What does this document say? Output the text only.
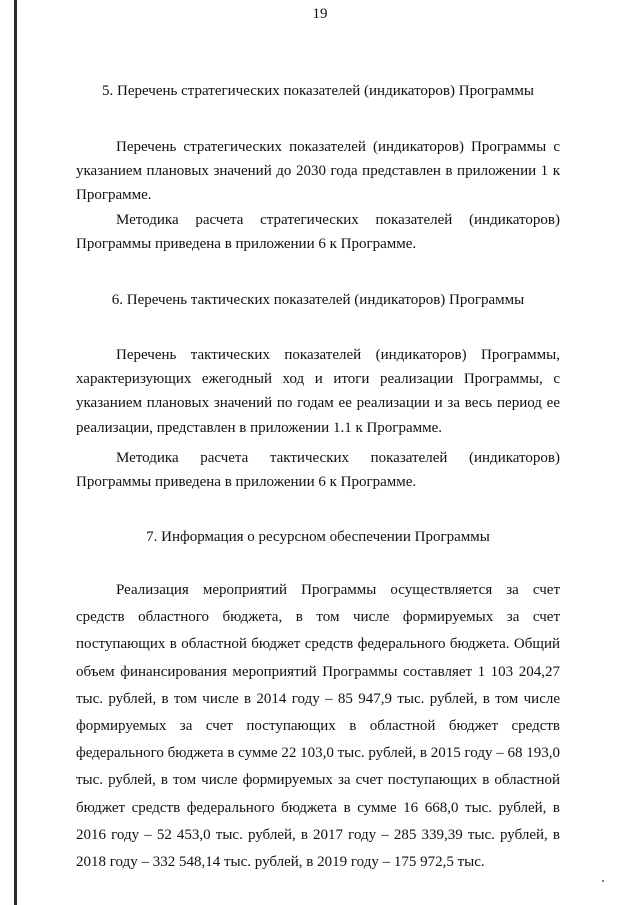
19
5. Перечень стратегических показателей (индикаторов) Программы

Перечень стратегических показателей (индикаторов) Программы с указанием плановых значений до 2030 года представлен в приложении 1 к Программе.

Методика расчета стратегических показателей (индикаторов) Программы приведена в приложении 6 к Программе.

6. Перечень тактических показателей (индикаторов) Программы

Перечень тактических показателей (индикаторов) Программы, характеризующих ежегодный ход и итоги реализации Программы, с указанием плановых значений по годам ее реализации и за весь период ее реализации, представлен в приложении 1.1 к Программе.

Методика расчета тактических показателей (индикаторов) Программы приведена в приложении 6 к Программе.

7. Информация о ресурсном обеспечении Программы

Реализация мероприятий Программы осуществляется за счет средств областного бюджета, в том числе формируемых за счет поступающих в областной бюджет средств федерального бюджета. Общий объем финансирования мероприятий Программы составляет 1 103 204,27 тыс. рублей, в том числе в 2014 году – 85 947,9 тыс. рублей, в том числе формируемых за счет поступающих в областной бюджет средств федерального бюджета в сумме 22 103,0 тыс. рублей, в 2015 году – 68 193,0 тыс. рублей, в том числе формируемых за счет поступающих в областной бюджет средств федерального бюджета в сумме 16 668,0 тыс. рублей, в 2016 году – 52 453,0 тыс. рублей, в 2017 году – 285 339,39 тыс. рублей, в 2018 году – 332 548,14 тыс. рублей, в 2019 году – 175 972,5 тыс.
